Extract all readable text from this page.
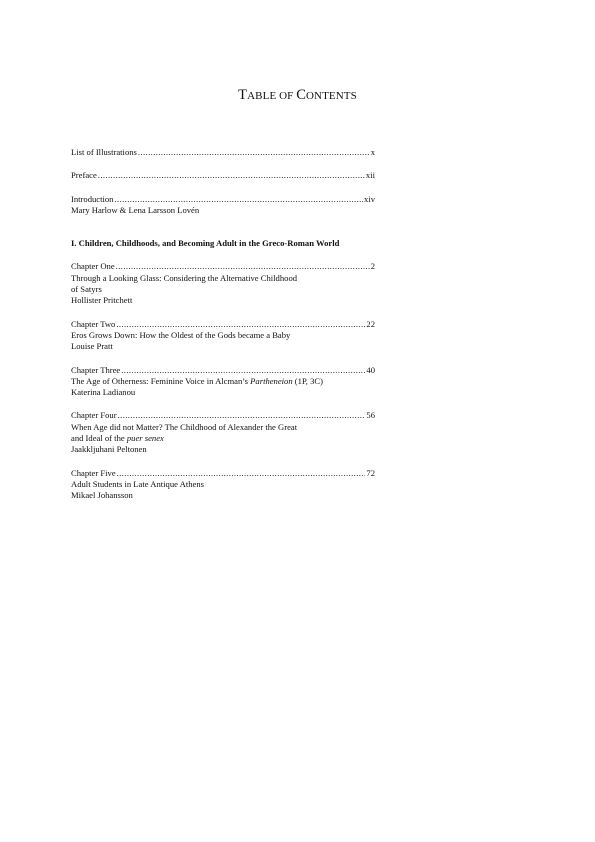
TABLE OF CONTENTS
List of Illustrations .....	x
Preface .....	xii
Introduction .....	xiv
Mary Harlow & Lena Larsson Lovén
I. Children, Childhoods, and Becoming Adult in the Greco-Roman World
Chapter One .....	2
Through a Looking Glass: Considering the Alternative Childhood
of Satyrs
Hollister Pritchett
Chapter Two .....	22
Eros Grows Down: How the Oldest of the Gods became a Baby
Louise Pratt
Chapter Three .....	40
The Age of Otherness: Feminine Voice in Alcman’s Partheneion (1P, 3C)
Katerina Ladianou
Chapter Four .....	56
When Age did not Matter? The Childhood of Alexander the Great
and Ideal of the puer senex
Jaakkljuhani Peltonen
Chapter Five .....	72
Adult Students in Late Antique Athens
Mikael Johansson
